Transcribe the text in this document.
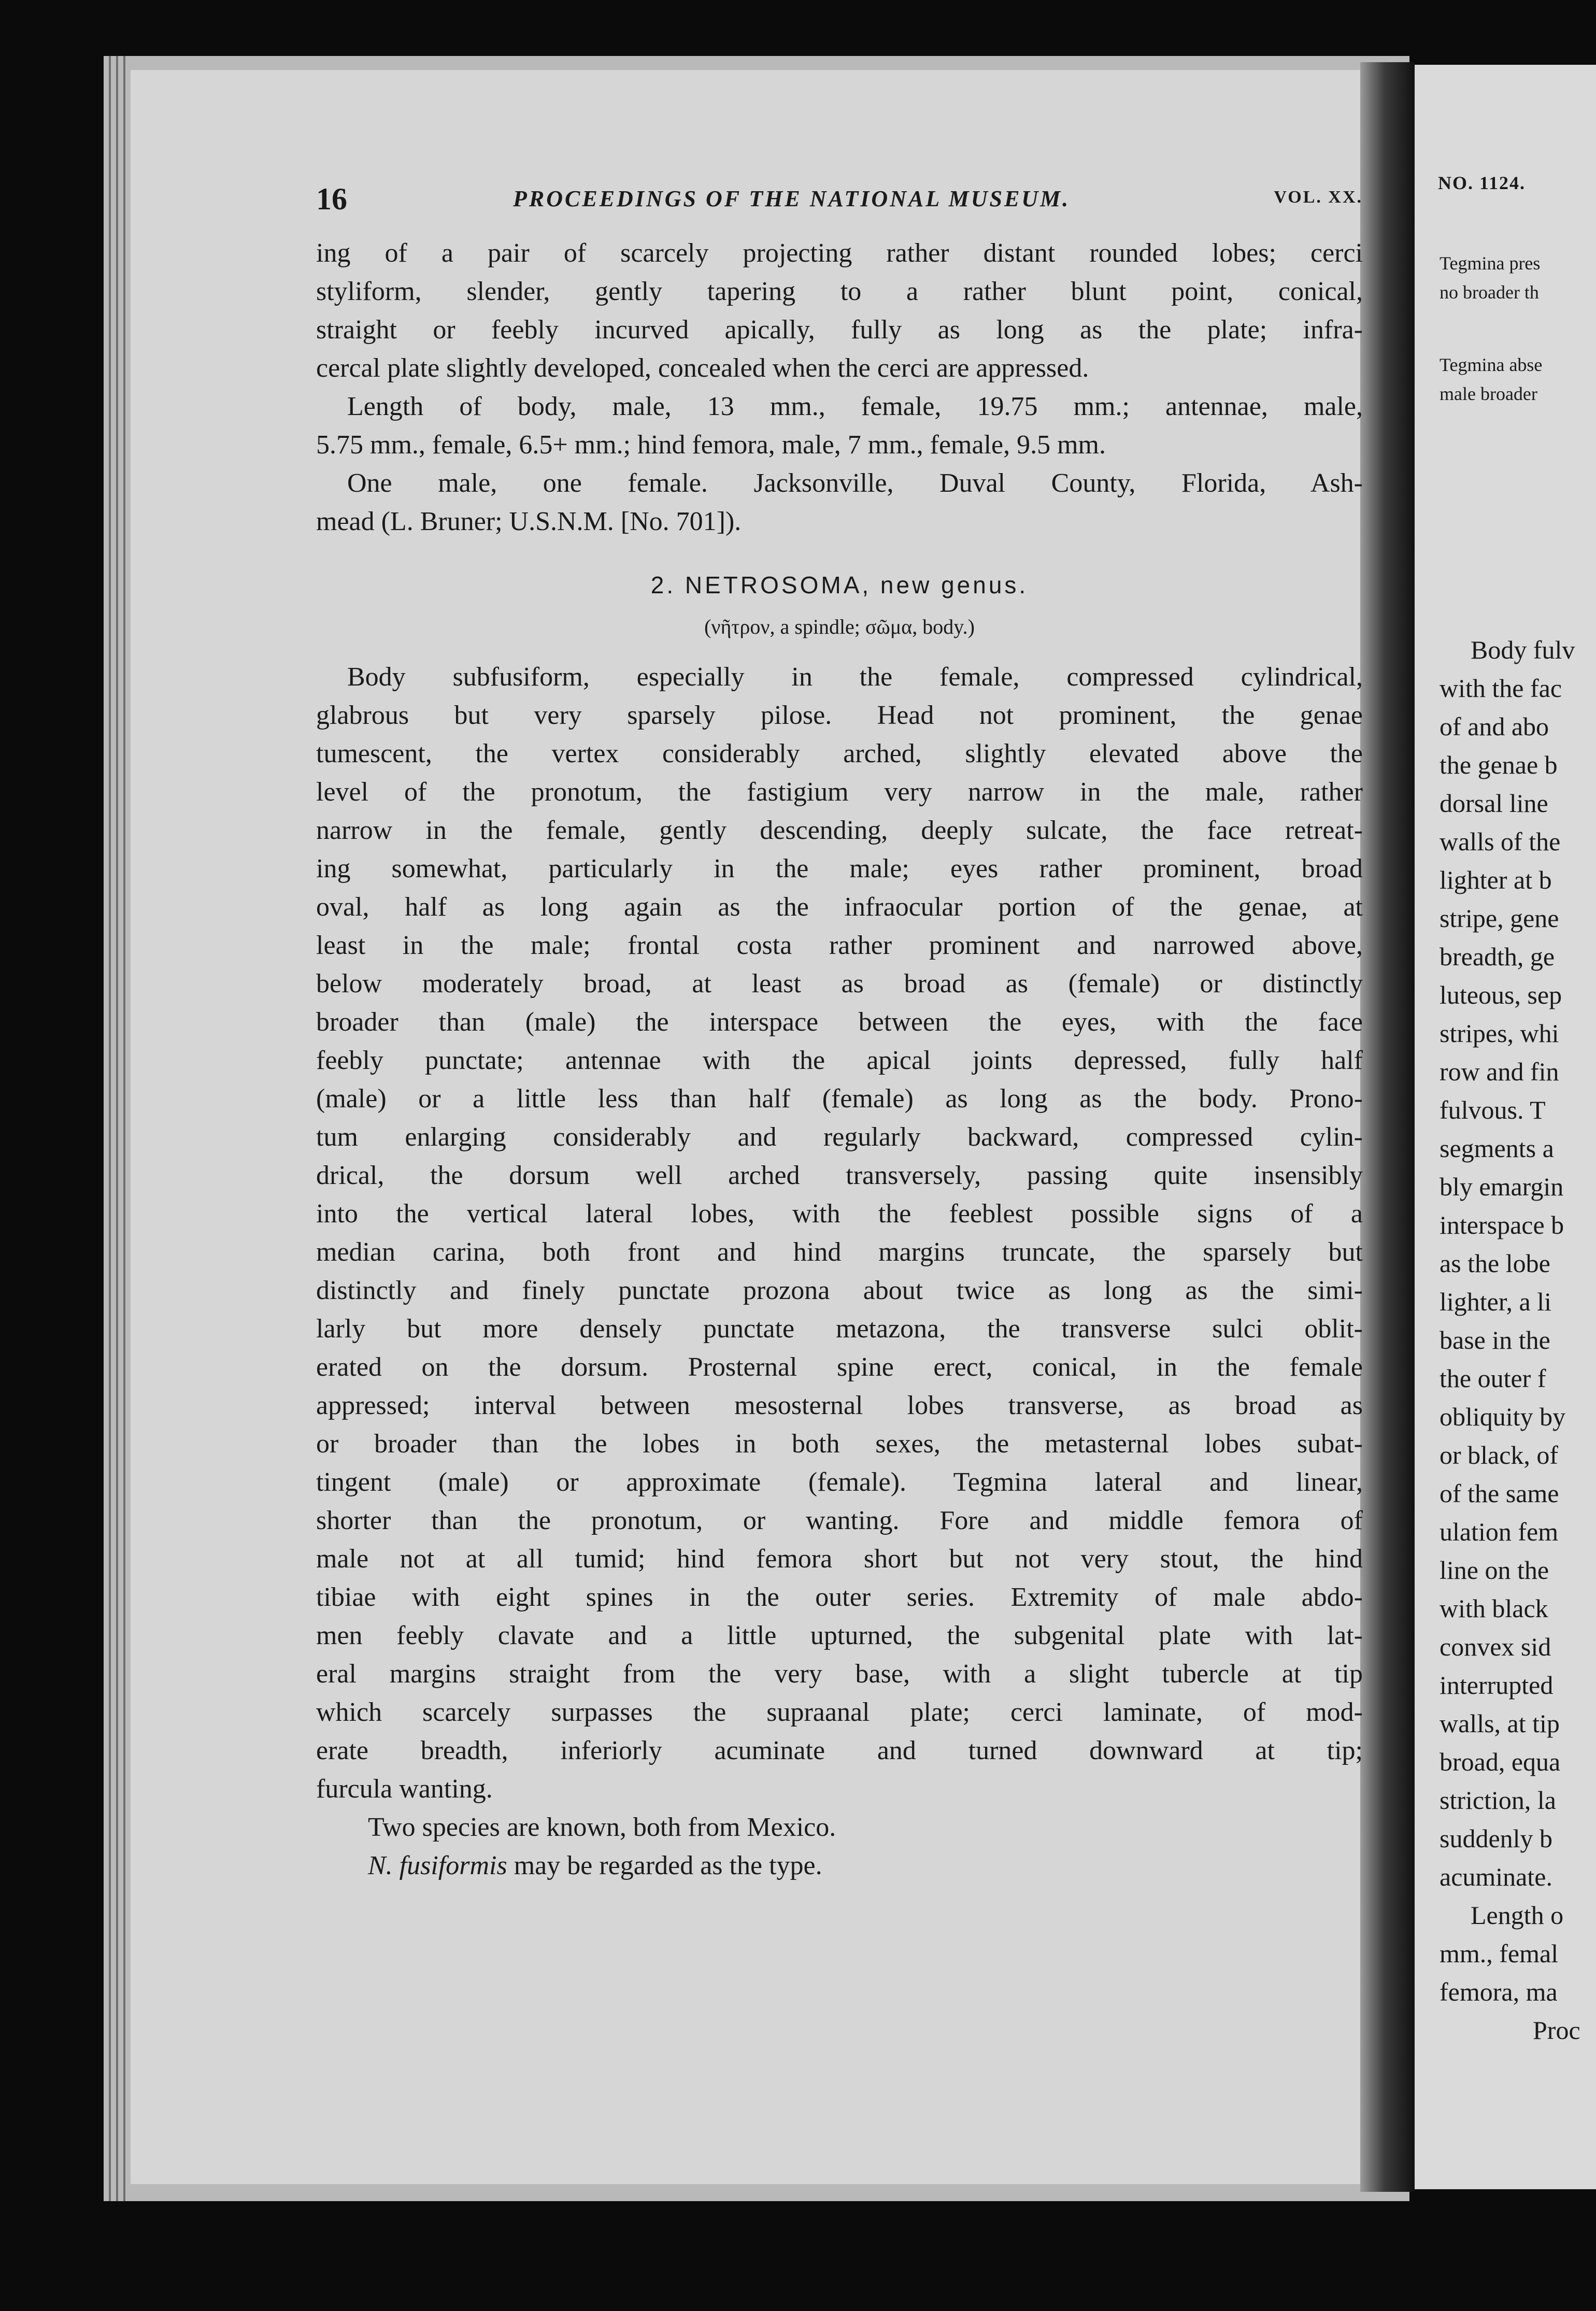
16	PROCEEDINGS OF THE NATIONAL MUSEUM.	VOL. XX.
ing of a pair of scarcely projecting rather distant rounded lobes; cerci
styliform, slender, gently tapering to a rather blunt point, conical,
straight or feebly incurved apically, fully as long as the plate; infra-
cercal plate slightly developed, concealed when the cerci are appressed.
Length of body, male, 13 mm., female, 19.75 mm.; antennae, male,
5.75 mm., female, 6.5+ mm.; hind femora, male, 7 mm., female, 9.5 mm.
One male, one female. Jacksonville, Duval County, Florida, Ash-
mead (L. Bruner; U.S.N.M. [No. 701]).
2. NETROSOMA, new genus.
(νῆτρον, a spindle; σῶμα, body.)
Body subfusiform, especially in the female, compressed cylindrical,
glabrous but very sparsely pilose. Head not prominent, the genae
tumescent, the vertex considerably arched, slightly elevated above the
level of the pronotum, the fastigium very narrow in the male, rather
narrow in the female, gently descending, deeply sulcate, the face retreat-
ing somewhat, particularly in the male; eyes rather prominent, broad
oval, half as long again as the infraocular portion of the genae, at
least in the male; frontal costa rather prominent and narrowed above,
below moderately broad, at least as broad as (female) or distinctly
broader than (male) the interspace between the eyes, with the face
feebly punctate; antennae with the apical joints depressed, fully half
(male) or a little less than half (female) as long as the body. Prono-
tum enlarging considerably and regularly backward, compressed cylin-
drical, the dorsum well arched transversely, passing quite insensibly
into the vertical lateral lobes, with the feeblest possible signs of a
median carina, both front and hind margins truncate, the sparsely but
distinctly and finely punctate prozona about twice as long as the simi-
larly but more densely punctate metazona, the transverse sulci oblit-
erated on the dorsum. Prosternal spine erect, conical, in the female
appressed; interval between mesosternal lobes transverse, as broad as
or broader than the lobes in both sexes, the metasternal lobes subat-
tingent (male) or approximate (female). Tegmina lateral and linear,
shorter than the pronotum, or wanting. Fore and middle femora of
male not at all tumid; hind femora short but not very stout, the hind
tibiae with eight spines in the outer series. Extremity of male abdo-
men feebly clavate and a little upturned, the subgenital plate with lat-
eral margins straight from the very base, with a slight tubercle at tip
which scarcely surpasses the supraanal plate; cerci laminate, of mod-
erate breadth, inferiorly acuminate and turned downward at tip;
furcula wanting.
Two species are known, both from Mexico.
N. fusiformis may be regarded as the type.
NO. 1124.
Tegmina pres
no broader th
Tegmina abse
male broader
Body fulv
with the fac
of and abo
the genae b
dorsal line
walls of the
lighter at b
stripe, gene
breadth, ge
luteous, sep
stripes, whi
row and fin
fulvous. T
segments a
bly emargin
interspace b
as the lobe
lighter, a li
base in the
the outer f
obliquity by
or black, of
of the same
ulation fem
line on the
with black
convex sid
interrupted
walls, at tip
broad, equa
striction, la
suddenly b
acuminate.
Length o
mm., femal
femora, ma
Proc
